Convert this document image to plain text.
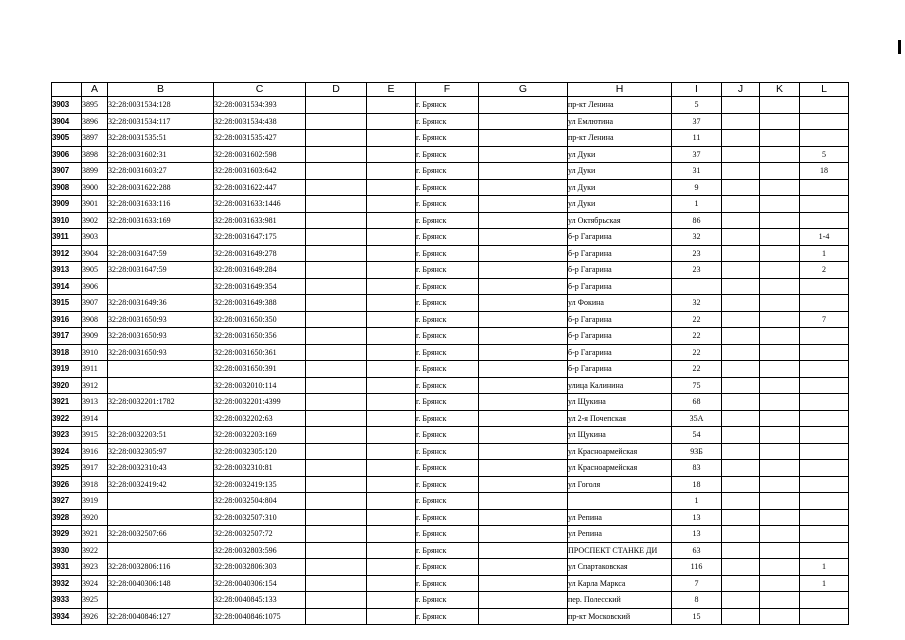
	A	B	C	D	E	F	G	H	I	J	K	L
3903	3895	32:28:0031534:128	32:28:0031534:393			г. Брянск		пр-кт Ленина	5			
3904	3896	32:28:0031534:117	32:28:0031534:438			г. Брянск		ул Емлютина	37			
3905	3897	32:28:0031535:51	32:28:0031535:427			г. Брянск		пр-кт Ленина	11			
3906	3898	32:28:0031602:31	32:28:0031602:598			г. Брянск		ул Дуки	37			5
3907	3899	32:28:0031603:27	32:28:0031603:642			г. Брянск		ул Дуки	31			18
3908	3900	32:28:0031622:288	32:28:0031622:447			г. Брянск		ул Дуки	9			
3909	3901	32:28:0031633:116	32:28:0031633:1446			г. Брянск		ул Дуки	1			
3910	3902	32:28:0031633:169	32:28:0031633:981			г. Брянск		ул Октябрьская	86			
3911	3903		32:28:0031647:175			г. Брянск		б-р Гагарина	32			1-4
3912	3904	32:28:0031647:59	32:28:0031649:278			г. Брянск		б-р Гагарина	23			1
3913	3905	32:28:0031647:59	32:28:0031649:284			г. Брянск		б-р Гагарина	23			2
3914	3906		32:28:0031649:354			г. Брянск		б-р Гагарина				
3915	3907	32:28:0031649:36	32:28:0031649:388			г. Брянск		ул Фокина	32			
3916	3908	32:28:0031650:93	32:28:0031650:350			г. Брянск		б-р Гагарина	22			7
3917	3909	32:28:0031650:93	32:28:0031650:356			г. Брянск		б-р Гагарина	22			
3918	3910	32:28:0031650:93	32:28:0031650:361			г. Брянск		б-р Гагарина	22			
3919	3911		32:28:0031650:391			г. Брянск		б-р Гагарина	22			
3920	3912		32:28:0032010:114			г. Брянск		улица Калинина	75			
3921	3913	32:28:0032201:1782	32:28:0032201:4399			г. Брянск		ул Щукина	68			
3922	3914		32:28:0032202:63			г. Брянск		ул 2-я Почепская	35А			
3923	3915	32:28:0032203:51	32:28:0032203:169			г. Брянск		ул Щукина	54			
3924	3916	32:28:0032305:97	32:28:0032305:120			г. Брянск		ул Красноармейская	93Б			
3925	3917	32:28:0032310:43	32:28:0032310:81			г. Брянск		ул Красноармейская	83			
3926	3918	32:28:0032419:42	32:28:0032419:135			г. Брянск		ул Гоголя	18			
3927	3919		32:28:0032504:804			г. Брянск			1			
3928	3920		32:28:0032507:310			г. Брянск		ул Репина	13			
3929	3921	32:28:0032507:66	32:28:0032507:72			г. Брянск		ул Репина	13			
3930	3922		32:28:0032803:596			г. Брянск		ПРОСПЕКТ СТАНКЕ ДИ	63			
3931	3923	32:28:0032806:116	32:28:0032806:303			г. Брянск		ул Спартаковская	116			1
3932	3924	32:28:0040306:148	32:28:0040306:154			г. Брянск		ул Карла Маркса	7			1
3933	3925		32:28:0040845:133			г. Брянск		пер. Полесский	8			
3934	3926	32:28:0040846:127	32:28:0040846:1075			г. Брянск		пр-кт Московский	15			
